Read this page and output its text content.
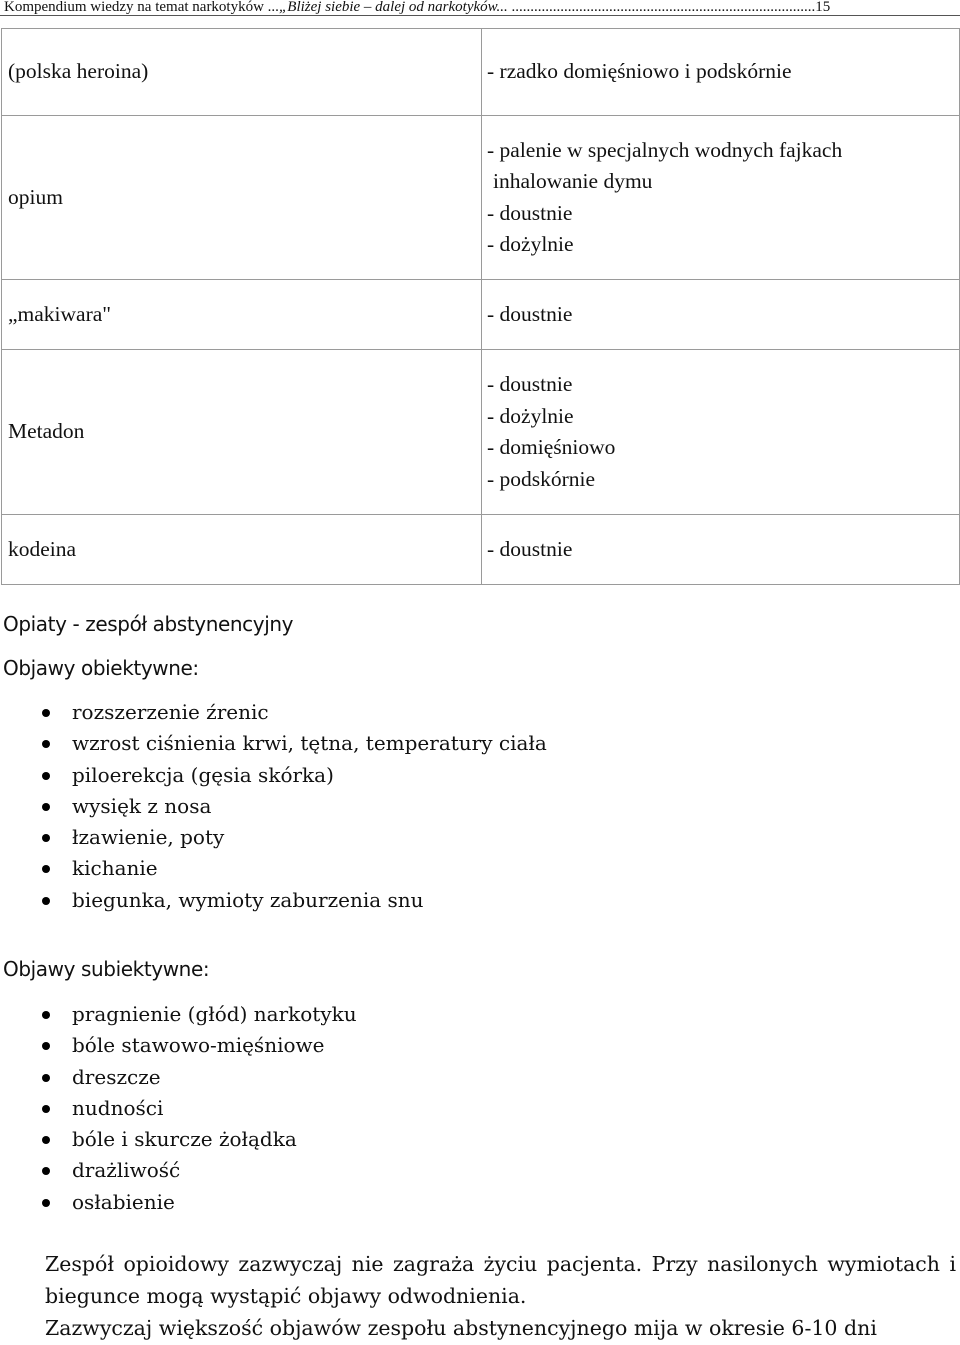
Kompendium wiedzy na temat narkotyków ...„Bliżej siebie – dalej od narkotyków... .................................................................................15
(polska heroina)	- rzadko domięśniowo i podskórnie

opium	- palenie w specjalnych wodnych fajkach
inhalowanie dymu
- doustnie
- dożylnie

„makiwara"	- doustnie

Metadon	- doustnie
- dożylnie
- domięśniowo
- podskórnie

kodeina	- doustnie
Opiaty - zespół abstynencyjny
Objawy obiektywne:
rozszerzenie źrenic
wzrost ciśnienia krwi, tętna, temperatury ciała
piloerekcja (gęsia skórka)
wysięk z nosa
łzawienie, poty
kichanie
biegunka, wymioty zaburzenia snu
Objawy subiektywne:
pragnienie (głód) narkotyku
bóle stawowo-mięśniowe
dreszcze
nudności
bóle i skurcze żołądka
drażliwość
osłabienie

Zespół opioidowy zazwyczaj nie zagraża życiu pacjenta. Przy nasilonych wymiotach i biegunce mogą wystąpić objawy odwodnienia.

Zazwyczaj większość objawów zespołu abstynencyjnego mija w okresie 6-10 dni
